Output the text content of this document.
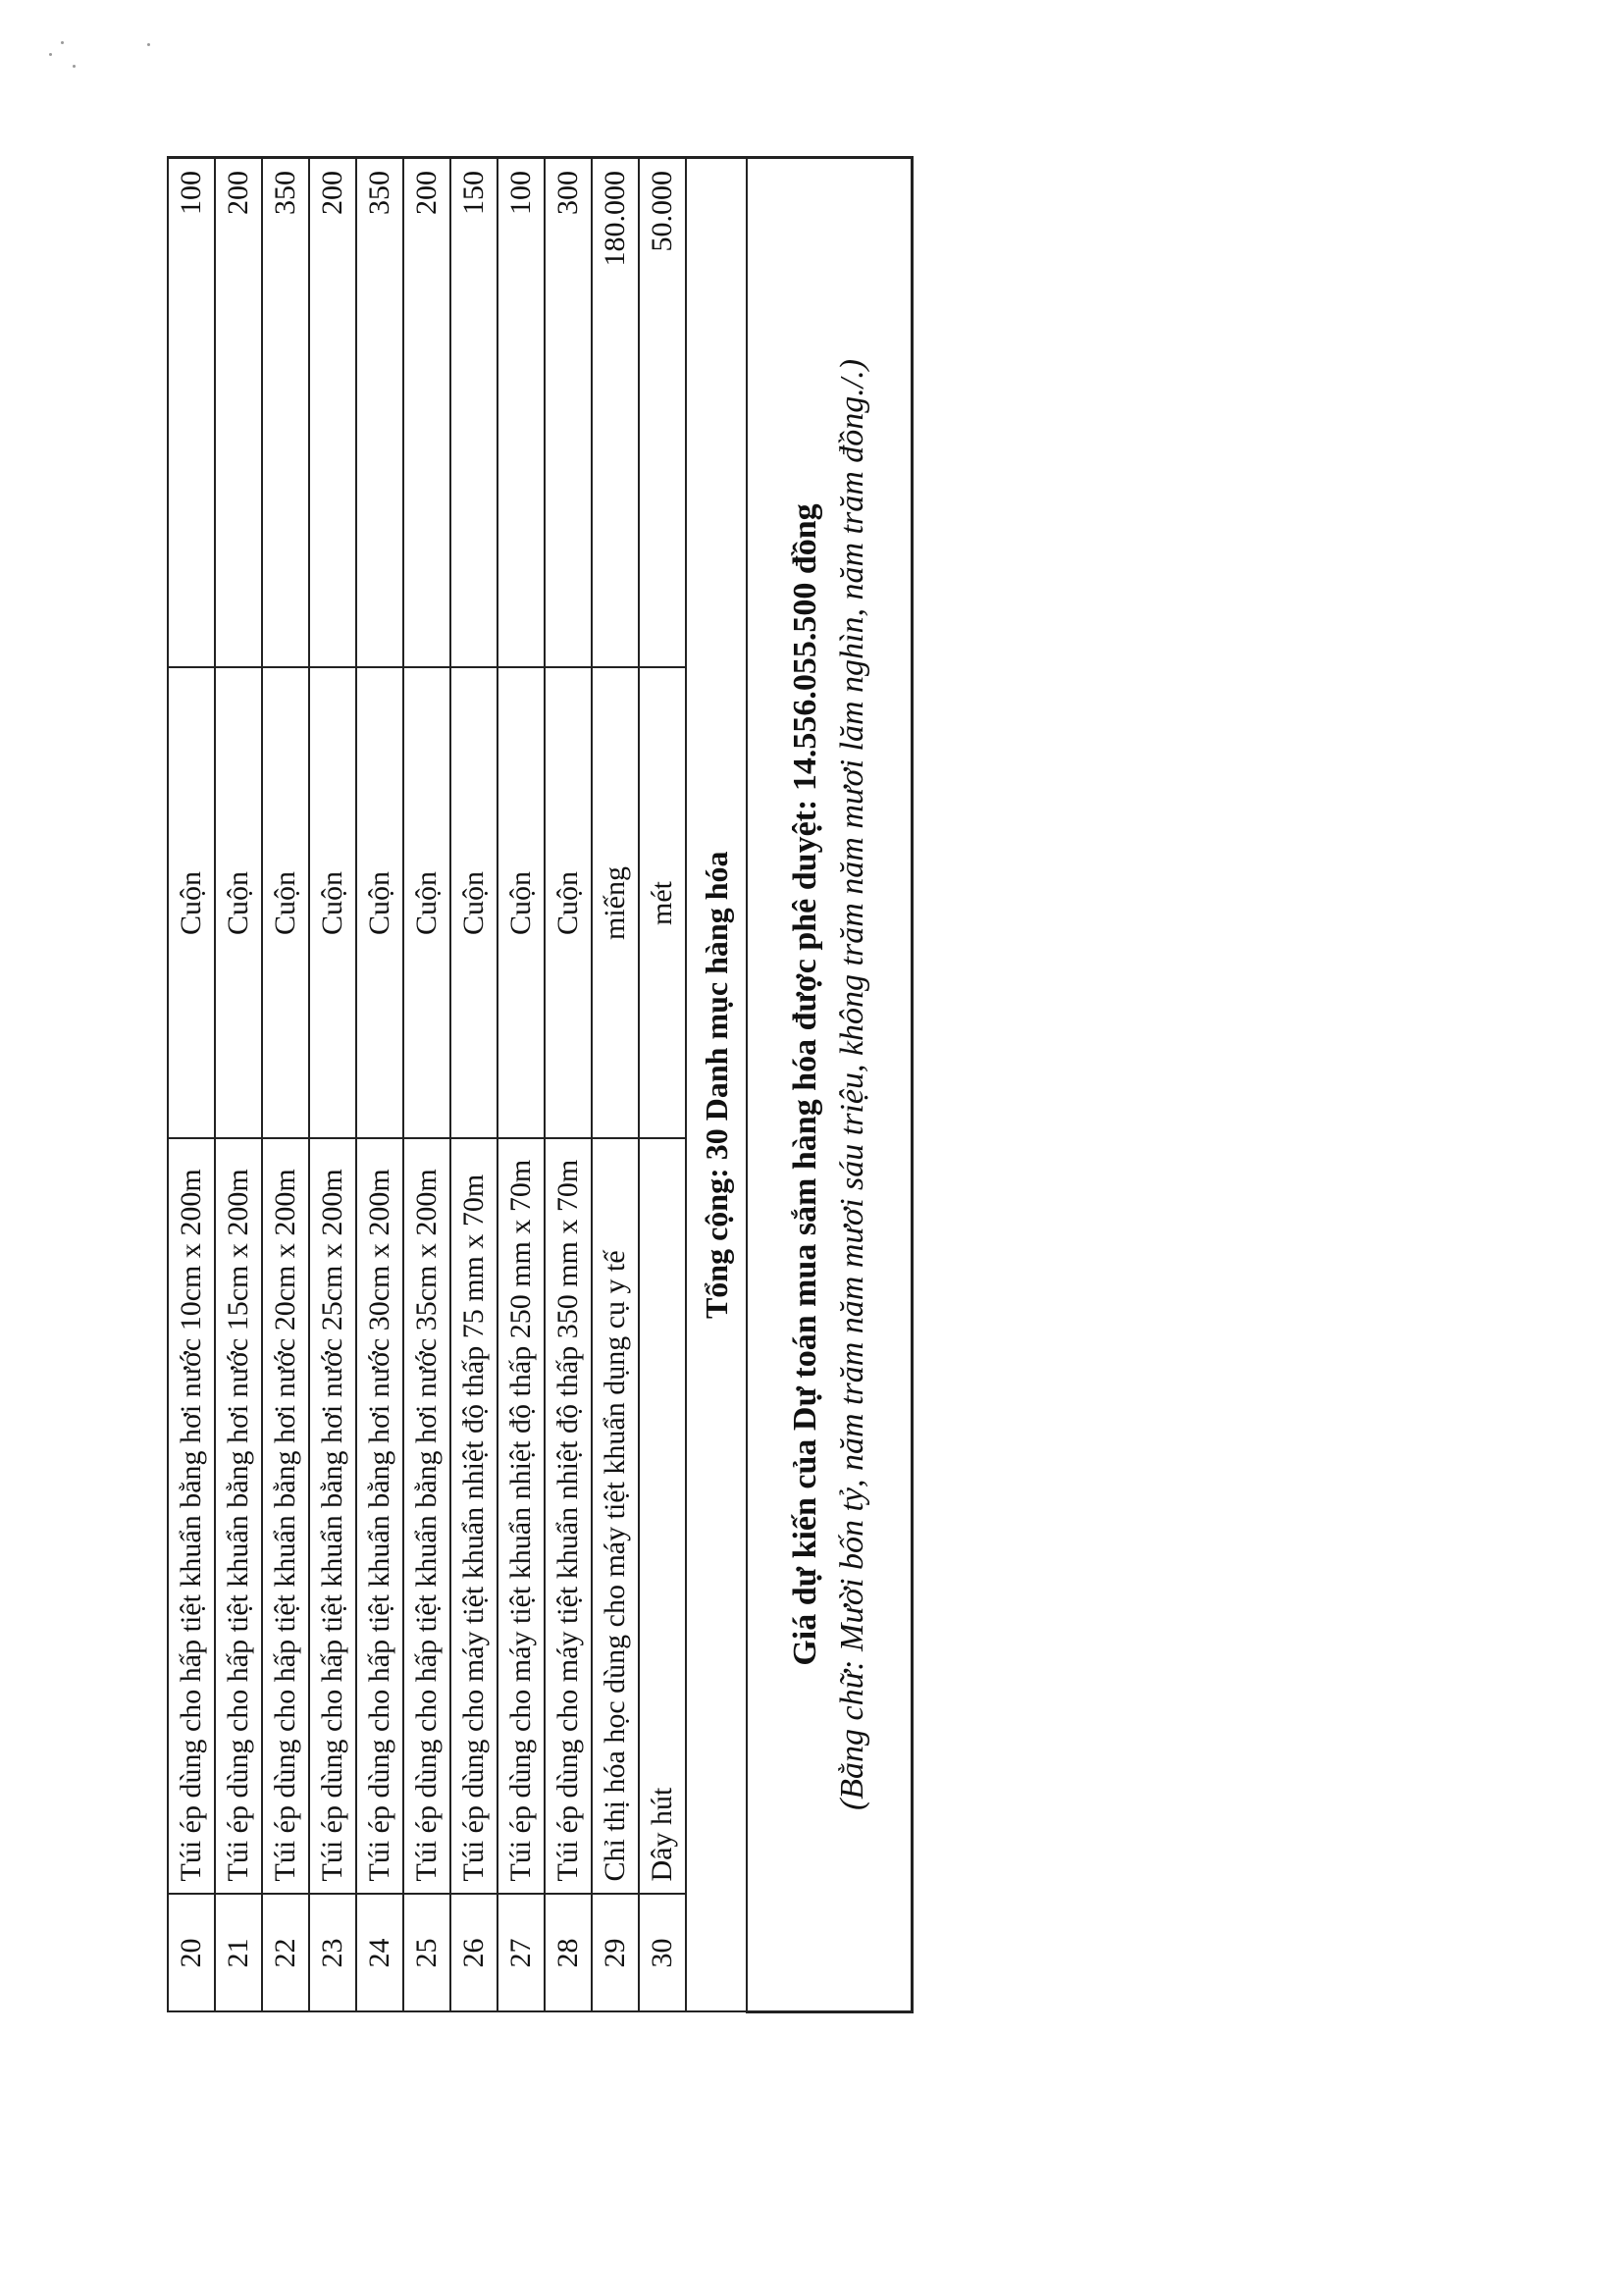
20	Túi ép dùng cho hấp tiệt khuẩn bằng hơi nước 10cm x 200m	Cuộn	100
21	Túi ép dùng cho hấp tiệt khuẩn bằng hơi nước 15cm x 200m	Cuộn	200
22	Túi ép dùng cho hấp tiệt khuẩn bằng hơi nước 20cm x 200m	Cuộn	350
23	Túi ép dùng cho hấp tiệt khuẩn bằng hơi nước 25cm x 200m	Cuộn	200
24	Túi ép dùng cho hấp tiệt khuẩn bằng hơi nước 30cm x 200m	Cuộn	350
25	Túi ép dùng cho hấp tiệt khuẩn bằng hơi nước 35cm x 200m	Cuộn	200
26	Túi ép dùng cho máy tiệt khuẩn nhiệt độ thấp 75 mm x 70m	Cuộn	150
27	Túi ép dùng cho máy tiệt khuẩn nhiệt độ thấp 250 mm x 70m	Cuộn	100
28	Túi ép dùng cho máy tiệt khuẩn nhiệt độ thấp 350 mm x 70m	Cuộn	300
29	Chỉ thị hóa học dùng cho máy tiệt khuẩn dụng cụ y tế	miếng	180.000
30	Dây hút	mét	50.000
Tổng cộng: 30 Danh mục hàng hóa			

Giá dự kiến của Dự toán mua sắm hàng hóa được phê duyệt: 14.556.055.500 đồng (Bằng chữ: Mười bốn tỷ, năm trăm năm mươi sáu triệu, không trăm năm mươi lăm nghìn, năm trăm đồng./.)			
